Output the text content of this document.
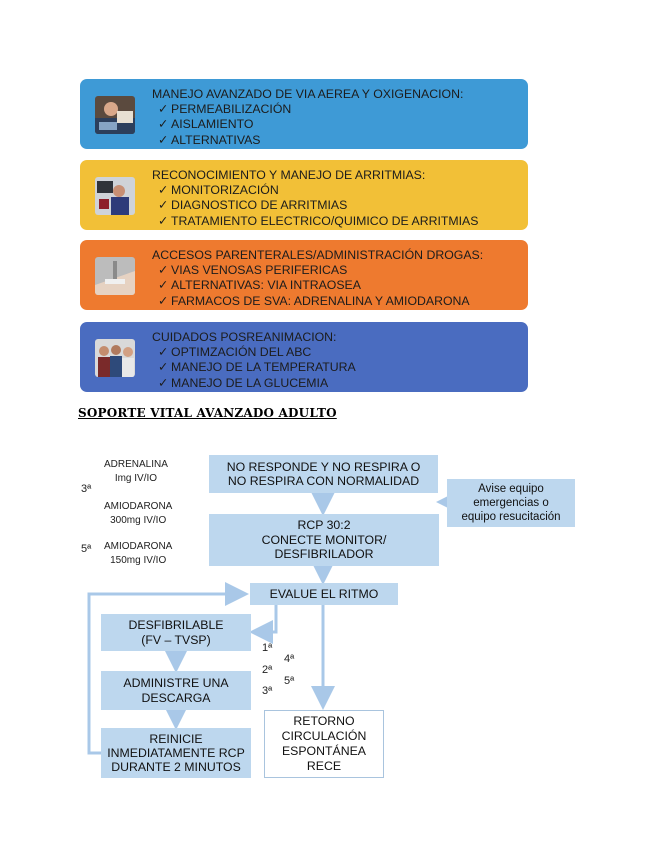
MANEJO AVANZADO DE VIA AEREA Y OXIGENACION:
✓ PERMEABILIZACIÓN
✓ AISLAMIENTO
✓ ALTERNATIVAS
RECONOCIMIENTO Y MANEJO DE ARRITMIAS:
✓ MONITORIZACIÓN
✓ DIAGNOSTICO DE ARRITMIAS
✓ TRATAMIENTO ELECTRICO/QUIMICO DE ARRITMIAS
ACCESOS PARENTERALES/ADMINISTRACIÓN DROGAS:
✓ VIAS VENOSAS PERIFERICAS
✓ ALTERNATIVAS: VIA INTRAOSEA
✓ FARMACOS DE SVA: ADRENALINA Y AMIODARONA
CUIDADOS POSREANIMACION:
✓ OPTIMZACIÓN DEL ABC
✓ MANEJO DE LA TEMPERATURA
✓ MANEJO DE LA GLUCEMIA
SOPORTE VITAL AVANZADO ADULTO
ADRENALINA
Img IV/IO
AMIODARONA
300mg IV/IO
AMIODARONA
150mg IV/IO
3ª
5ª
NO RESPONDE Y NO RESPIRA O
NO RESPIRA CON NORMALIDAD
Avise equipo
emergencias o
equipo resucitación
RCP 30:2
CONECTE MONITOR/
DESFIBRILADOR
EVALUE EL RITMO
DESFIBRILABLE
(FV – TVSP)
ADMINISTRE UNA
DESCARGA
REINICIE
INMEDIATAMENTE RCP
DURANTE 2 MINUTOS
RETORNO
CIRCULACIÓN
ESPONTÁNEA
RECE
1ª
2ª
3ª
4ª
5ª
